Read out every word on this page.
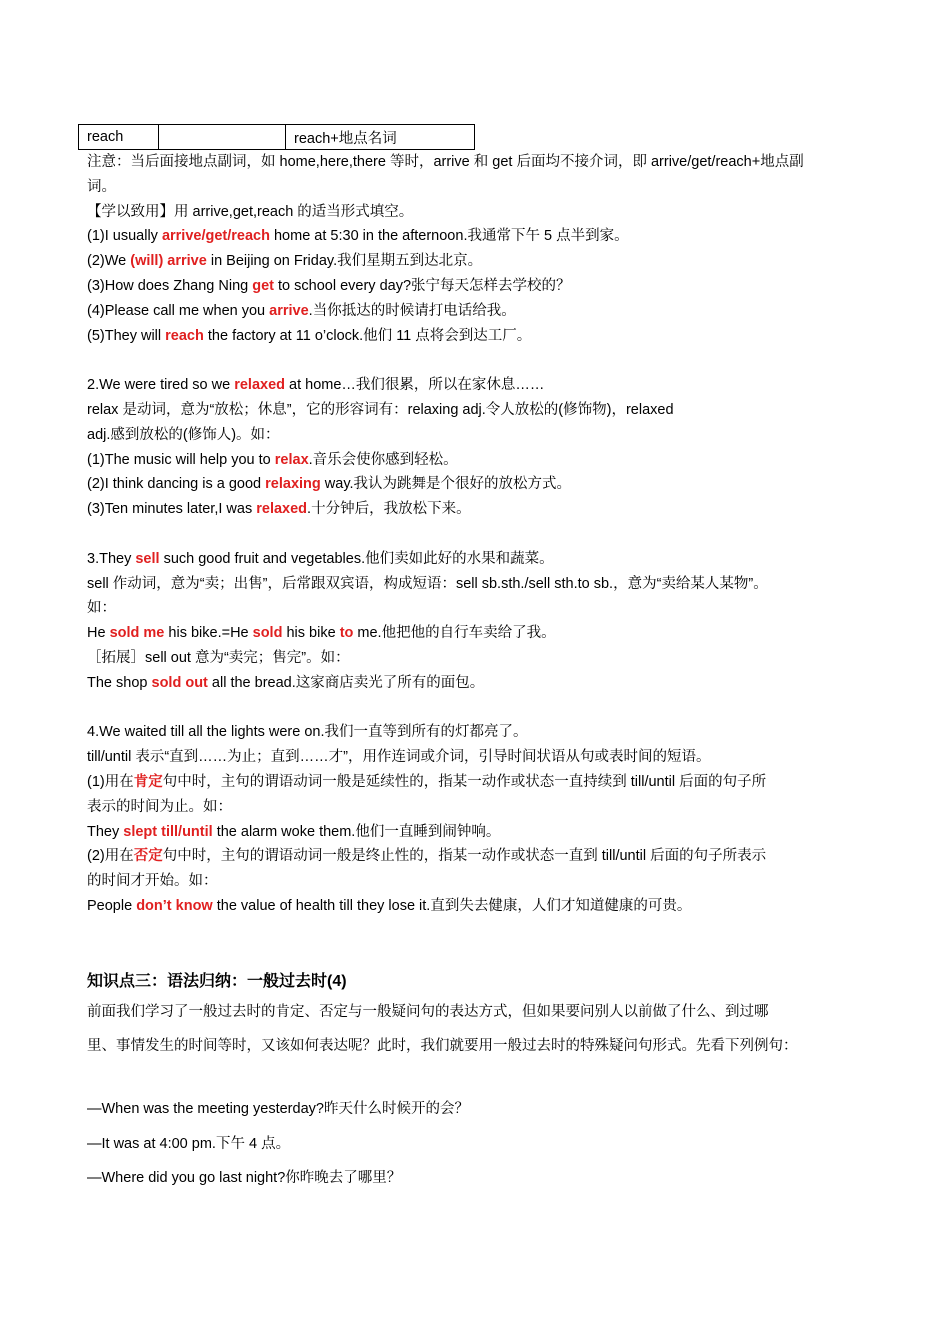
reach		reach+地点名词

注意：当后面接地点副词，如 home,here,there 等时，arrive 和 get 后面均不接介词，即 arrive/get/reach+地点副

词。

【学以致用】用 arrive,get,reach 的适当形式填空。

(1)I usually arrive/get/reach home at 5:30 in the afternoon.我通常下午 5 点半到家。

(2)We (will) arrive in Beijing on Friday.我们星期五到达北京。

(3)How does Zhang Ning get to school every day?张宁每天怎样去学校的？

(4)Please call me when you arrive.当你抵达的时候请打电话给我。

(5)They will reach the factory at 11 o’clock.他们 11 点将会到达工厂。

2.We were tired so we relaxed at home…我们很累，所以在家休息……

relax 是动词，意为“放松；休息”，它的形容词有：relaxing adj.令人放松的(修饰物)，relaxed

adj.感到放松的(修饰人)。如：

(1)The music will help you to relax.音乐会使你感到轻松。

(2)I think dancing is a good relaxing way.我认为跳舞是个很好的放松方式。

(3)Ten minutes later,I was relaxed.十分钟后，我放松下来。

3.They sell such good fruit and vegetables.他们卖如此好的水果和蔬菜。

sell 作动词，意为“卖；出售”，后常跟双宾语，构成短语：sell sb.sth./sell sth.to sb.，意为“卖给某人某物”。

如：

He sold me his bike.=He sold his bike to me.他把他的自行车卖给了我。

［拓展］sell out 意为“卖完；售完”。如：

The shop sold out all the bread.这家商店卖光了所有的面包。

4.We waited till all the lights were on.我们一直等到所有的灯都亮了。

till/until 表示“直到……为止；直到……才”，用作连词或介词，引导时间状语从句或表时间的短语。

(1)用在肯定句中时，主句的谓语动词一般是延续性的，指某一动作或状态一直持续到 till/until 后面的句子所

表示的时间为止。如：

They slept till/until the alarm woke them.他们一直睡到闹钟响。

(2)用在否定句中时，主句的谓语动词一般是终止性的，指某一动作或状态一直到 till/until 后面的句子所表示

的时间才开始。如：

People don’t know the value of health till they lose it.直到失去健康，人们才知道健康的可贵。

知识点三：语法归纳：一般过去时(4)

前面我们学习了一般过去时的肯定、否定与一般疑问句的表达方式，但如果要问别人以前做了什么、到过哪

里、事情发生的时间等时，又该如何表达呢？此时，我们就要用一般过去时的特殊疑问句形式。先看下列例句：

—When was the meeting yesterday?昨天什么时候开的会？

—It was at 4:00 pm.下午 4 点。

—Where did you go last night?你昨晚去了哪里？
